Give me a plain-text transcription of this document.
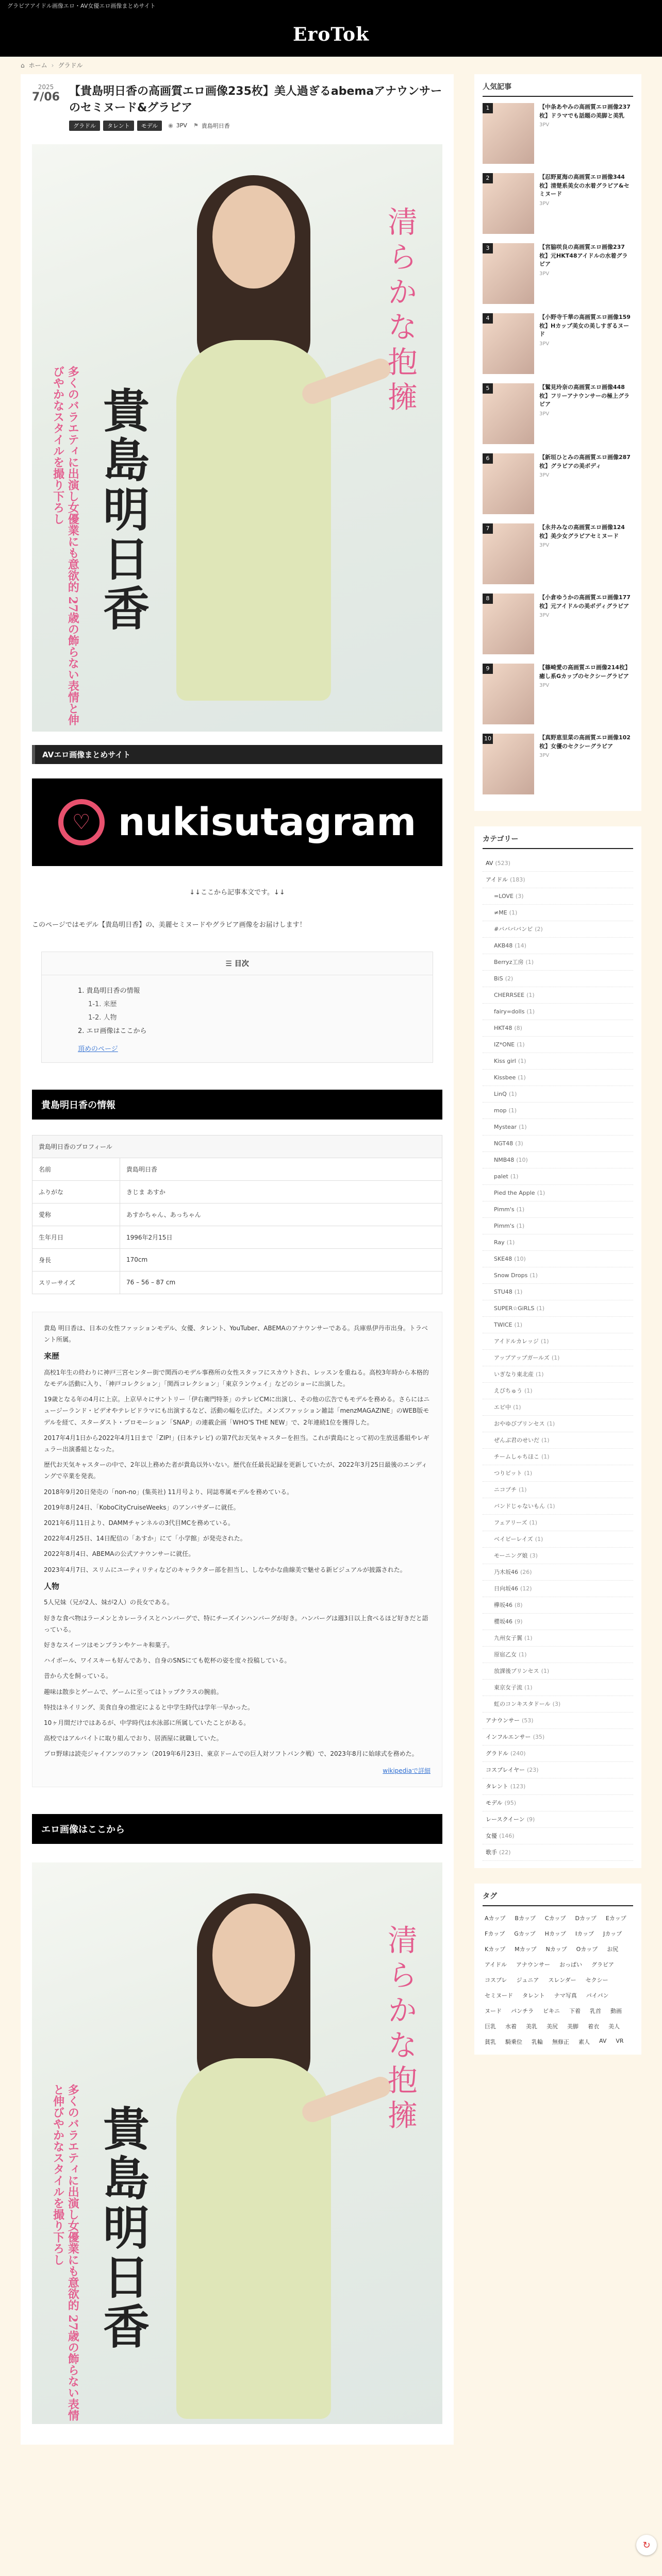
グラビアアイドル画像エロ・AV女優エロ画像まとめサイト
EroTok
⌂ ホーム › グラドル
2025
7/06 【貴島明日香の高画質エロ画像235枚】美人過ぎるabemaアナウンサーのセミヌード&グラビア
グラドル	タレント	モデル	◉ 3PV ⚑ 貴島明日香
清らかな抱擁
多くのバラエティに出演し女優業にも意欲的 27歳の飾らない表情と伸びやかなスタイルを撮り下ろし 貴島明日香
AVエロ画像まとめサイト
♡ nukisutagram
↓↓ここから記事本文です。↓↓

このページではモデル【貴島明日香】の、美麗セミヌードやグラビア画像をお届けします！

☰ 目次
1. 貴島明日香の情報
1-1. 来歴
1-2. 人物
2. エロ画像はここから
頂めのページ
貴島明日香の情報
貴島明日香のプロフィール	
名前	貴島明日香
ふりがな	きじま あすか
愛称	あすかちゃん、あっちゃん
生年月日	1996年2月15日
身長	170cm
スリーサイズ	76 – 56 – 87 cm

貴島 明日香は、日本の女性ファッションモデル、女優、タレント、YouTuber、ABEMAのアナウンサーである。兵庫県伊丹市出身。トラベント所属。

来歴

高校1年生の終わりに神戸三宮センター街で関西のモデル事務所の女性スタッフにスカウトされ、レッスンを重ねる。高校3年時から本格的なモデル活動に入り、「神戸コレクション」「関西コレクション」「東京ランウェイ」などのショーに出演した。

19歳となる年の4月に上京。上京早々にサントリー「伊右衛門特茶」のテレビCMに出演し、その他の広告でもモデルを務める。さらにはニュージーランド・ビデオやテレビドラマにも出演するなど、活動の幅を広げた。メンズファッション雑誌「menzMAGAZINE」のWEB版モデルを経て、スターダスト・プロモーション「SNAP」の連載企画「WHO'S THE NEW」で、2年連続1位を獲得した。

2017年4月1日から2022年4月1日まで「ZIP!」(日本テレビ) の第7代お天気キャスターを担当。これが貴島にとって初の生放送番組やレギュラー出演番組となった。

歴代お天気キャスターの中で、2年以上務めた者が貴島以外いない。歴代在任最長記録を更新していたが、2022年3月25日最後のエンディングで卒業を発表。

2018年9月20日発売の「non-no」(集英社) 11月号より、同誌専属モデルを務めている。

2019年8月24日、「KoboCityCruiseWeeks」のアンバサダーに就任。

2021年6月11日より、DAMMチャンネルの3代目MCを務めている。

2022年4月25日、14日配信の「あすか」にて「小学館」が発売された。

2022年8月4日、ABEMAの公式アナウンサーに就任。

2023年4月7日、スリムにユーティリティなどのキャラクター部を担当し、しなやかな曲線美で魅せる新ビジュアルが披露された。

人物

5人兄妹（兄が2人、妹が2人）の長女である。

好きな食べ物はラーメンとカレーライスとハンバーグで、特にチーズインハンバーグが好き。ハンバーグは週3日以上食べるほど好きだと語っている。

好きなスイーツはモンブランやケーキ和菓子。

ハイボール、ワイスキーも好んであり、自身のSNSにても乾杯の姿を度々投稿している。

昔から犬を飼っている。

趣味は散歩とゲームで、ゲームに至ってはトップクラスの腕前。

特技はネイリング、美食自身の推定によると中学生時代は学年一早かった。

10ヶ月間だけではあるが、中学時代は水泳部に所属していたことがある。

高校ではアルバイトに取り組んでおり、居酒屋に就職していた。

プロ野球は読売ジャイアンツのファン（2019年6月23日、東京ドームでの巨人対ソフトバンク戦）で、2023年8月に始球式を務めた。

wikipediaで詳細
エロ画像はここから
清らかな抱擁
多くのバラエティに出演し女優業にも意欲的 27歳の飾らない表情と伸びやかなスタイルを撮り下ろし 貴島明日香
人気記事
1	【中条あやみの高画質エロ画像237枚】ドラマでも話題の美脚と美乳
3PV
2	【忍野夏海の高画質エロ画像344枚】清楚系美女の水着グラビア&セミヌード
3PV
3	【宮脇咲良の高画質エロ画像237枚】元HKT48アイドルの水着グラビア
3PV
4	【小野寺千華の高画質エロ画像159枚】Hカップ美女の美しすぎるヌード
3PV
5	【鷲見玲奈の高画質エロ画像448枚】フリーアナウンサーの極上グラビア
3PV
6	【新垣ひとみの高画質エロ画像287枚】グラビアの美ボディ
3PV
7	【永井みなの高画質エロ画像124枚】美少女グラビアセミヌード
3PV
8	【小倉ゆうかの高画質エロ画像177枚】元アイドルの美ボディグラビア
3PV
9	【篠崎愛の高画質エロ画像214枚】癒し系Gカップのセクシーグラビア
3PV
10	【真野恵里菜の高画質エロ画像102枚】女優のセクシーグラビア
3PV
カテゴリー
AV (523)
アイドル (183)
=LOVE (3)
≠ME (1)
#ババババンビ (2)
AKB48 (14)
Berryz工房 (1)
BiS (2)
CHERRSEE (1)
fairy∞dolls (1)
HKT48 (8)
IZ*ONE (1)
Kiss girl (1)
Kissbee (1)
LinQ (1)
mop (1)
Mystear (1)
NGT48 (3)
NMB48 (10)
palet (1)
Pied the Apple (1)
Pimm's (1)
Pimm's (1)
Ray (1)
SKE48 (10)
Snow Drops (1)
STU48 (1)
SUPER☆GiRLS (1)
TWICE (1)
アイドルカレッジ (1)
アップアップガールズ (1)
いぎなり東北産 (1)
えびちゅう (1)
エビ中 (1)
おやゆびプリンセス (1)
ぜんぶ君のせいだ (1)
チームしゃちほこ (1)
つりビット (1)
ニコプチ (1)
バンドじゃないもん (1)
フェアリーズ (1)
ベイビーレイズ (1)
モーニング娘 (3)
乃木坂46 (26)
日向坂46 (12)
欅坂46 (8)
櫻坂46 (9)
九州女子翼 (1)
原宿乙女 (1)
放課後プリンセス (1)
東京女子流 (1)
虹のコンキスタドール (3)
アナウンサー (53)
インフルエンサー (35)
グラドル (240)
コスプレイヤー (23)
タレント (123)
モデル (95)
レースクイーン (9)
女優 (146)
歌手 (22)
タグ
Aカップ	Bカップ	Cカップ	Dカップ	Eカップ
Fカップ	Gカップ	Hカップ	Iカップ	Jカップ
Kカップ	Mカップ	Nカップ	Oカップ	お尻
アイドル	アナウンサー	おっぱい	グラビア
コスプレ	ジュニア	スレンダー	セクシー
セミヌード	タレント	ナマ写真	パイパン
ヌード	パンチラ	ビキニ	下着	乳首	動画
巨乳	水着	美乳	美尻	美脚	着衣	美人
貧乳	騎乗位	乳輪	無修正	素人	AV	VR
↻
